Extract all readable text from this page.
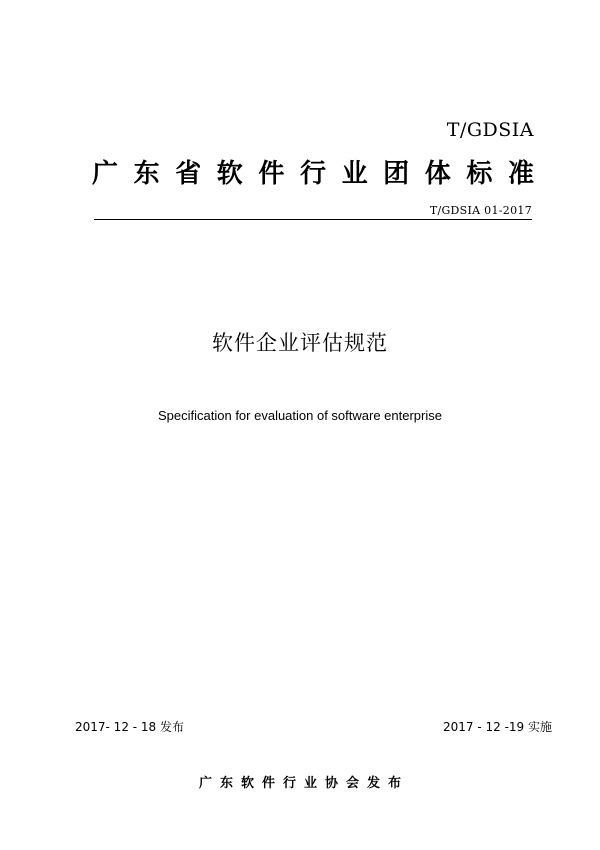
T/GDSIA
广 东 省 软 件 行 业 团 体 标 准
T/GDSIA 01-2017
软件企业评估规范
Specification for evaluation of software enterprise
2017- 12 - 18 发布	2017 - 12 -19 实施
广东软件行业协会发布
